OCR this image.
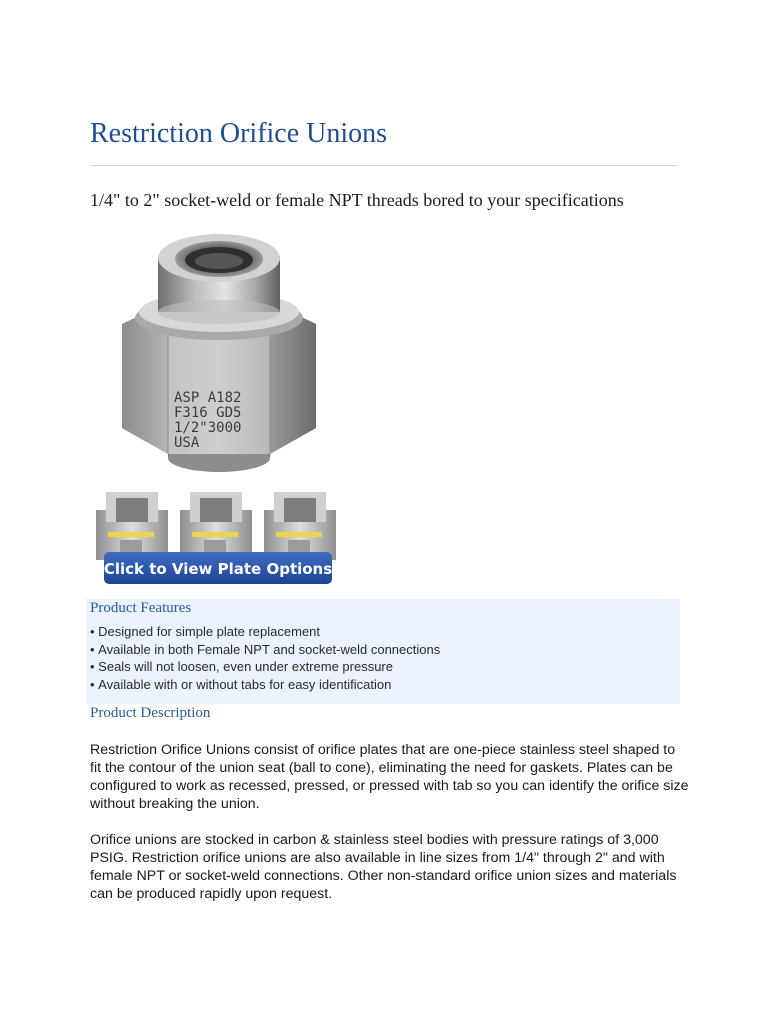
Restriction Orifice Unions

1/4" to 2" socket-weld or female NPT threads bored to your specifications

ASP A182
F316 GD5
1/2"3000
USA
Click to View Plate Options
Product Features
• Designed for simple plate replacement
• Available in both Female NPT and socket-weld connections
• Seals will not loosen, even under extreme pressure
• Available with or without tabs for easy identification
Product Description

Restriction Orifice Unions consist of orifice plates that are one-piece stainless steel shaped to fit the contour of the union seat (ball to cone), eliminating the need for gaskets. Plates can be configured to work as recessed, pressed, or pressed with tab so you can identify the orifice size without breaking the union.

Orifice unions are stocked in carbon & stainless steel bodies with pressure ratings of 3,000 PSIG. Restriction orifice unions are also available in line sizes from 1/4" through 2" and with female NPT or socket-weld connections. Other non-standard orifice union sizes and materials can be produced rapidly upon request.
